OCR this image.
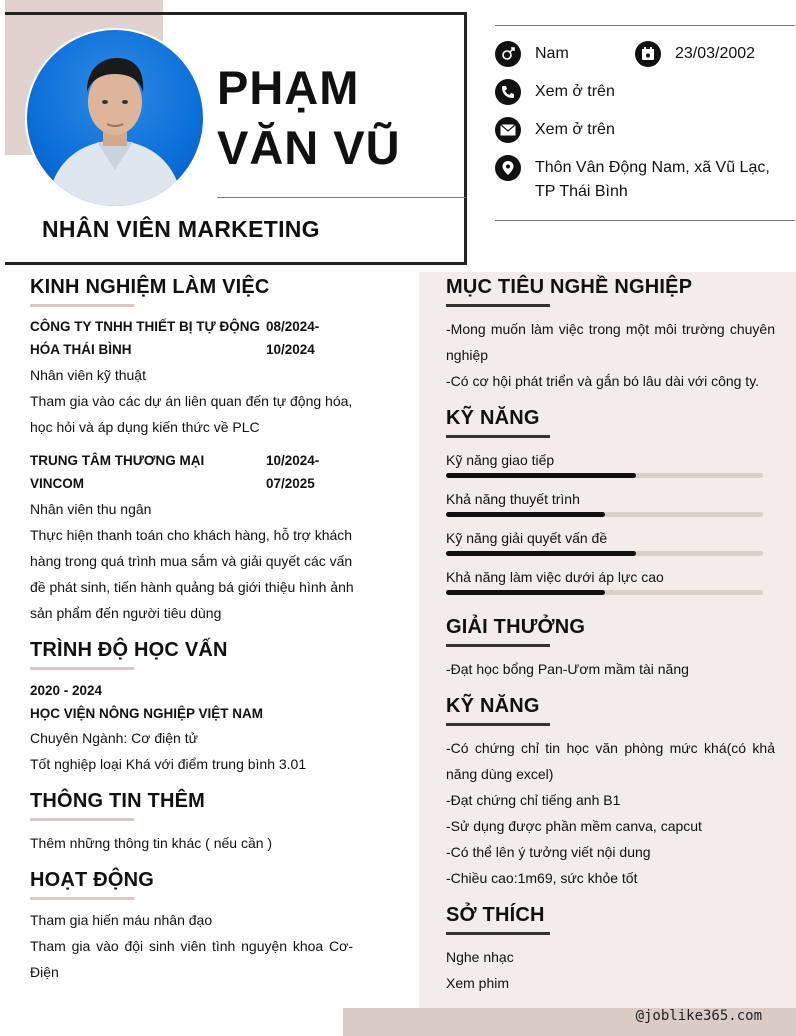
@joblike365.com
PHẠM
VĂN VŨ
NHÂN VIÊN MARKETING
Nam	23/03/2002
Xem ở trên
Xem ở trên
Thôn Vân Động Nam, xã Vũ Lạc,
TP Thái Bình
KINH NGHIỆM LÀM VIỆC
CÔNG TY TNHH THIẾT BỊ TỰ ĐỘNG
HÓA THÁI BÌNH
08/2024-
10/2024
Nhân viên kỹ thuật
Tham gia vào các dự án liên quan đến tự động hóa,
học hỏi và áp dụng kiến thức về PLC
TRUNG TÂM THƯƠNG MẠI
VINCOM
10/2024-
07/2025
Nhân viên thu ngân
Thực hiện thanh toán cho khách hàng, hỗ trợ khách
hàng trong quá trình mua sắm và giải quyết các vấn
đề phát sinh, tiến hành quảng bá giới thiệu hình ảnh
sản phẩm đến người tiêu dùng
TRÌNH ĐỘ HỌC VẤN
2020 - 2024
HỌC VIỆN NÔNG NGHIỆP VIỆT NAM
Chuyên Ngành: Cơ điện tử
Tốt nghiệp loại Khá với điểm trung bình 3.01
THÔNG TIN THÊM
Thêm những thông tin khác ( nếu cần )
HOẠT ĐỘNG
Tham gia hiến máu nhân đạo
Tham gia vào đội sinh viên tình nguyện khoa Cơ-
Điện
MỤC TIÊU NGHỀ NGHIỆP
-Mong muốn làm việc trong một môi trường chuyên
nghiệp
-Có cơ hội phát triển và gắn bó lâu dài với công ty.
KỸ NĂNG
Kỹ năng giao tiếp
Khả năng thuyết trình
Kỹ năng giải quyết vấn đề
Khả năng làm việc dưới áp lực cao
GIẢI THƯỞNG
-Đạt học bổng Pan-Ươm mầm tài năng
KỸ NĂNG
-Có chứng chỉ tin học văn phòng mức khá(có khả
năng dùng excel)
-Đạt chứng chỉ tiếng anh B1
-Sử dụng được phần mềm canva, capcut
-Có thể lên ý tưởng viết nội dung
-Chiều cao:1m69, sức khỏe tốt
SỞ THÍCH
Nghe nhạc
Xem phim
